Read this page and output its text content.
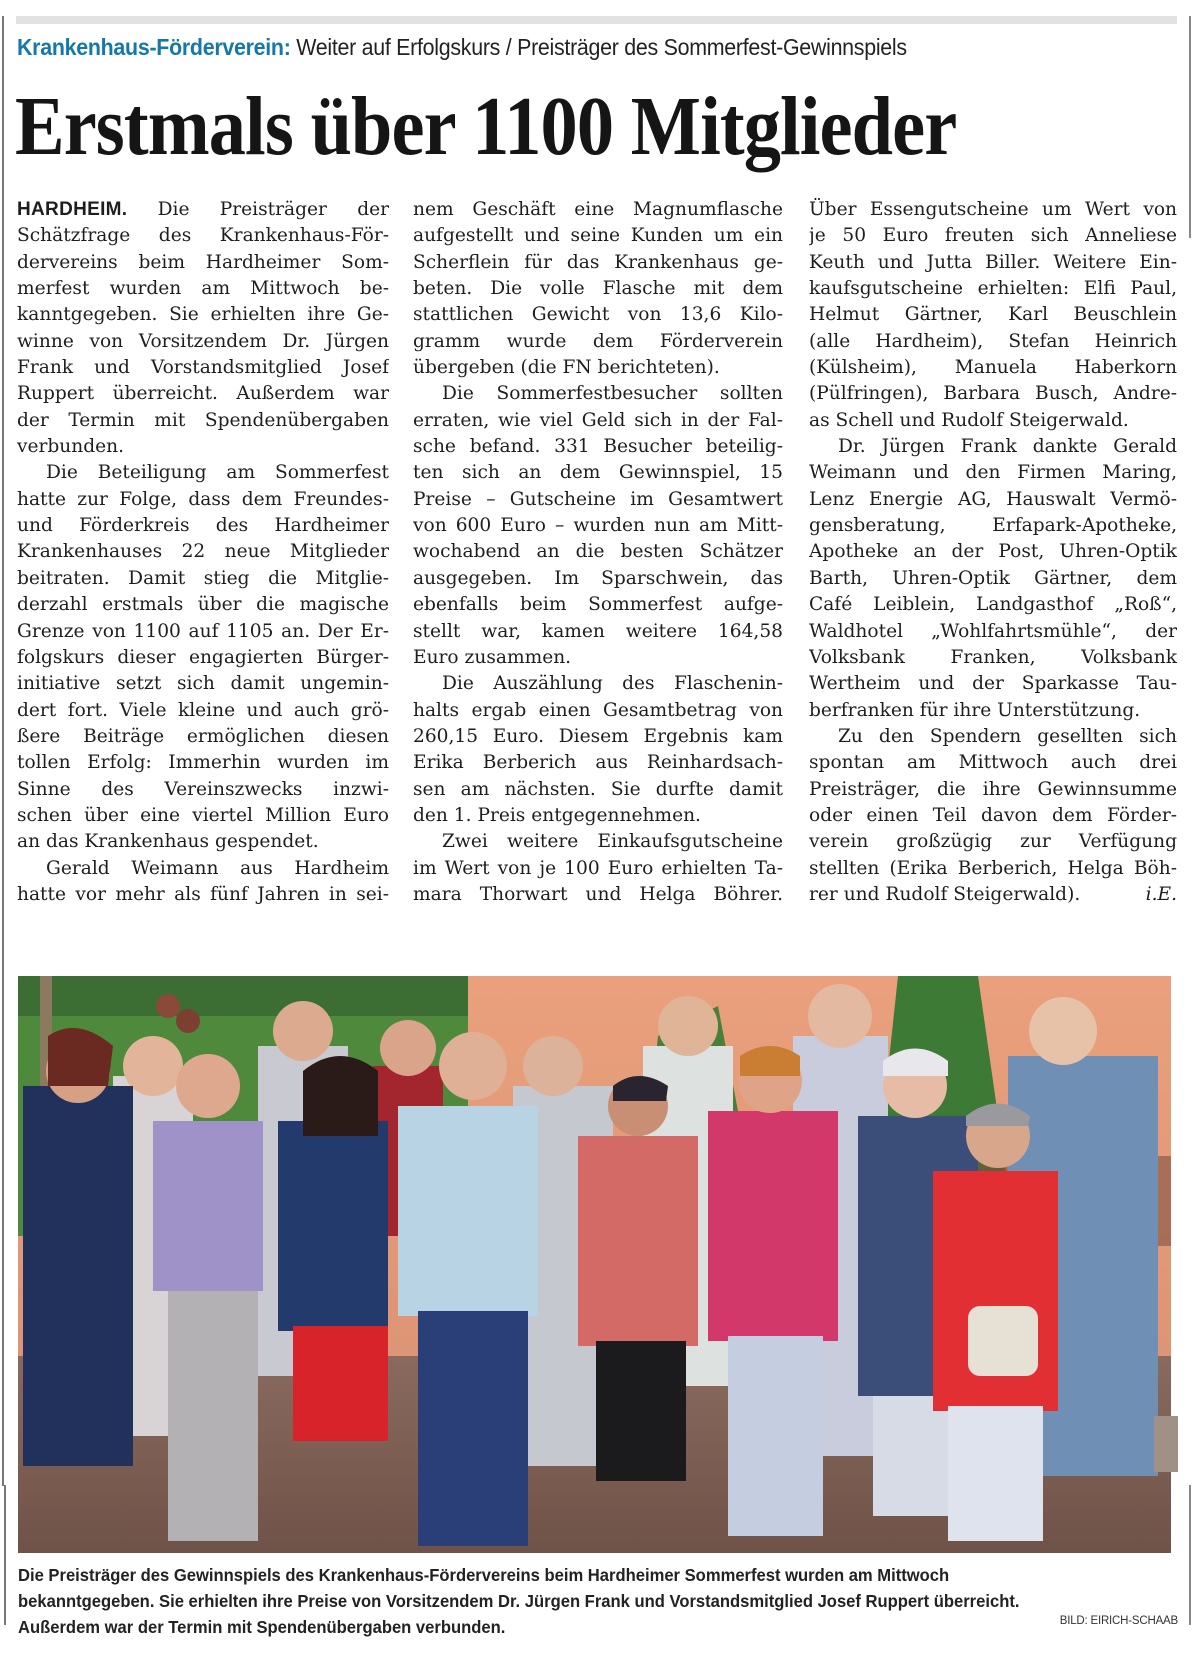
Krankenhaus-Förderverein: Weiter auf Erfolgskurs / Preisträger des Sommerfest-Gewinnspiels
Erstmals über 1100 Mitglieder
HARDHEIM. Die Preisträger der
Schätzfrage des Krankenhaus-För-
dervereins beim Hardheimer Som-
merfest wurden am Mittwoch be-
kanntgegeben. Sie erhielten ihre Ge-
winne von Vorsitzendem Dr. Jürgen
Frank und Vorstandsmitglied Josef
Ruppert überreicht. Außerdem war
der Termin mit Spendenübergaben
verbunden.
Die Beteiligung am Sommerfest
hatte zur Folge, dass dem Freundes-
und Förderkreis des Hardheimer
Krankenhauses 22 neue Mitglieder
beitraten. Damit stieg die Mitglie-
derzahl erstmals über die magische
Grenze von 1100 auf 1105 an. Der Er-
folgskurs dieser engagierten Bürger-
initiative setzt sich damit ungemin-
dert fort. Viele kleine und auch grö-
ßere Beiträge ermöglichen diesen
tollen Erfolg: Immerhin wurden im
Sinne des Vereinszwecks inzwi-
schen über eine viertel Million Euro
an das Krankenhaus gespendet.
Gerald Weimann aus Hardheim
hatte vor mehr als fünf Jahren in sei-
nem Geschäft eine Magnumflasche
aufgestellt und seine Kunden um ein
Scherflein für das Krankenhaus ge-
beten. Die volle Flasche mit dem
stattlichen Gewicht von 13,6 Kilo-
gramm wurde dem Förderverein
übergeben (die FN berichteten).
Die Sommerfestbesucher sollten
erraten, wie viel Geld sich in der Fal-
sche befand. 331 Besucher beteilig-
ten sich an dem Gewinnspiel, 15
Preise – Gutscheine im Gesamtwert
von 600 Euro – wurden nun am Mitt-
wochabend an die besten Schätzer
ausgegeben. Im Sparschwein, das
ebenfalls beim Sommerfest aufge-
stellt war, kamen weitere 164,58
Euro zusammen.
Die Auszählung des Flaschenin-
halts ergab einen Gesamtbetrag von
260,15 Euro. Diesem Ergebnis kam
Erika Berberich aus Reinhardsach-
sen am nächsten. Sie durfte damit
den 1. Preis entgegennehmen.
Zwei weitere Einkaufsgutscheine
im Wert von je 100 Euro erhielten Ta-
mara Thorwart und Helga Böhrer.
Über Essengutscheine um Wert von
je 50 Euro freuten sich Anneliese
Keuth und Jutta Biller. Weitere Ein-
kaufsgutscheine erhielten: Elfi Paul,
Helmut Gärtner, Karl Beuschlein
(alle Hardheim), Stefan Heinrich
(Külsheim), Manuela Haberkorn
(Pülfringen), Barbara Busch, Andre-
as Schell und Rudolf Steigerwald.
Dr. Jürgen Frank dankte Gerald
Weimann und den Firmen Maring,
Lenz Energie AG, Hauswalt Vermö-
gensberatung, Erfapark-Apotheke,
Apotheke an der Post, Uhren-Optik
Barth, Uhren-Optik Gärtner, dem
Café Leiblein, Landgasthof „Roß“,
Waldhotel „Wohlfahrtsmühle“, der
Volksbank Franken, Volksbank
Wertheim und der Sparkasse Tau-
berfranken für ihre Unterstützung.
Zu den Spendern gesellten sich
spontan am Mittwoch auch drei
Preisträger, die ihre Gewinnsumme
oder einen Teil davon dem Förder-
verein großzügig zur Verfügung
stellten (Erika Berberich, Helga Böh-
rer und Rudolf Steigerwald).	i.E.
Die Preisträger des Gewinnspiels des Krankenhaus-Fördervereins beim Hardheimer Sommerfest wurden am Mittwoch
bekanntgegeben. Sie erhielten ihre Preise von Vorsitzendem Dr. Jürgen Frank und Vorstandsmitglied Josef Ruppert überreicht.
Außerdem war der Termin mit Spendenübergaben verbunden.	BILD: EIRICH-SCHAAB
